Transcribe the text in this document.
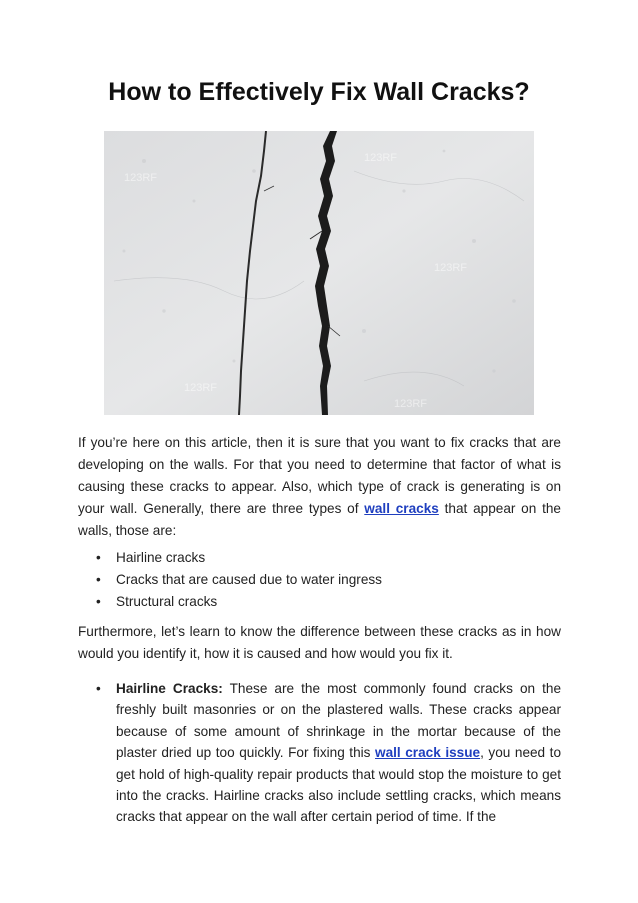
How to Effectively Fix Wall Cracks?
123RF
123RF
123RF
123RF
123RF

If you’re here on this article, then it is sure that you want to fix cracks that are developing on the walls. For that you need to determine that factor of what is causing these cracks to appear. Also, which type of crack is generating is on your wall. Generally, there are three types of wall cracks that appear on the walls, those are:

• Hairline cracks
• Cracks that are caused due to water ingress
• Structural cracks

Furthermore, let’s learn to know the difference between these cracks as in how would you identify it, how it is caused and how would you fix it.

• Hairline Cracks: These are the most commonly found cracks on the freshly built masonries or on the plastered walls. These cracks appear because of some amount of shrinkage in the mortar because of the plaster dried up too quickly. For fixing this wall crack issue, you need to get hold of high-quality repair products that would stop the moisture to get into the cracks. Hairline cracks also include settling cracks, which means cracks that appear on the wall after certain period of time. If the
